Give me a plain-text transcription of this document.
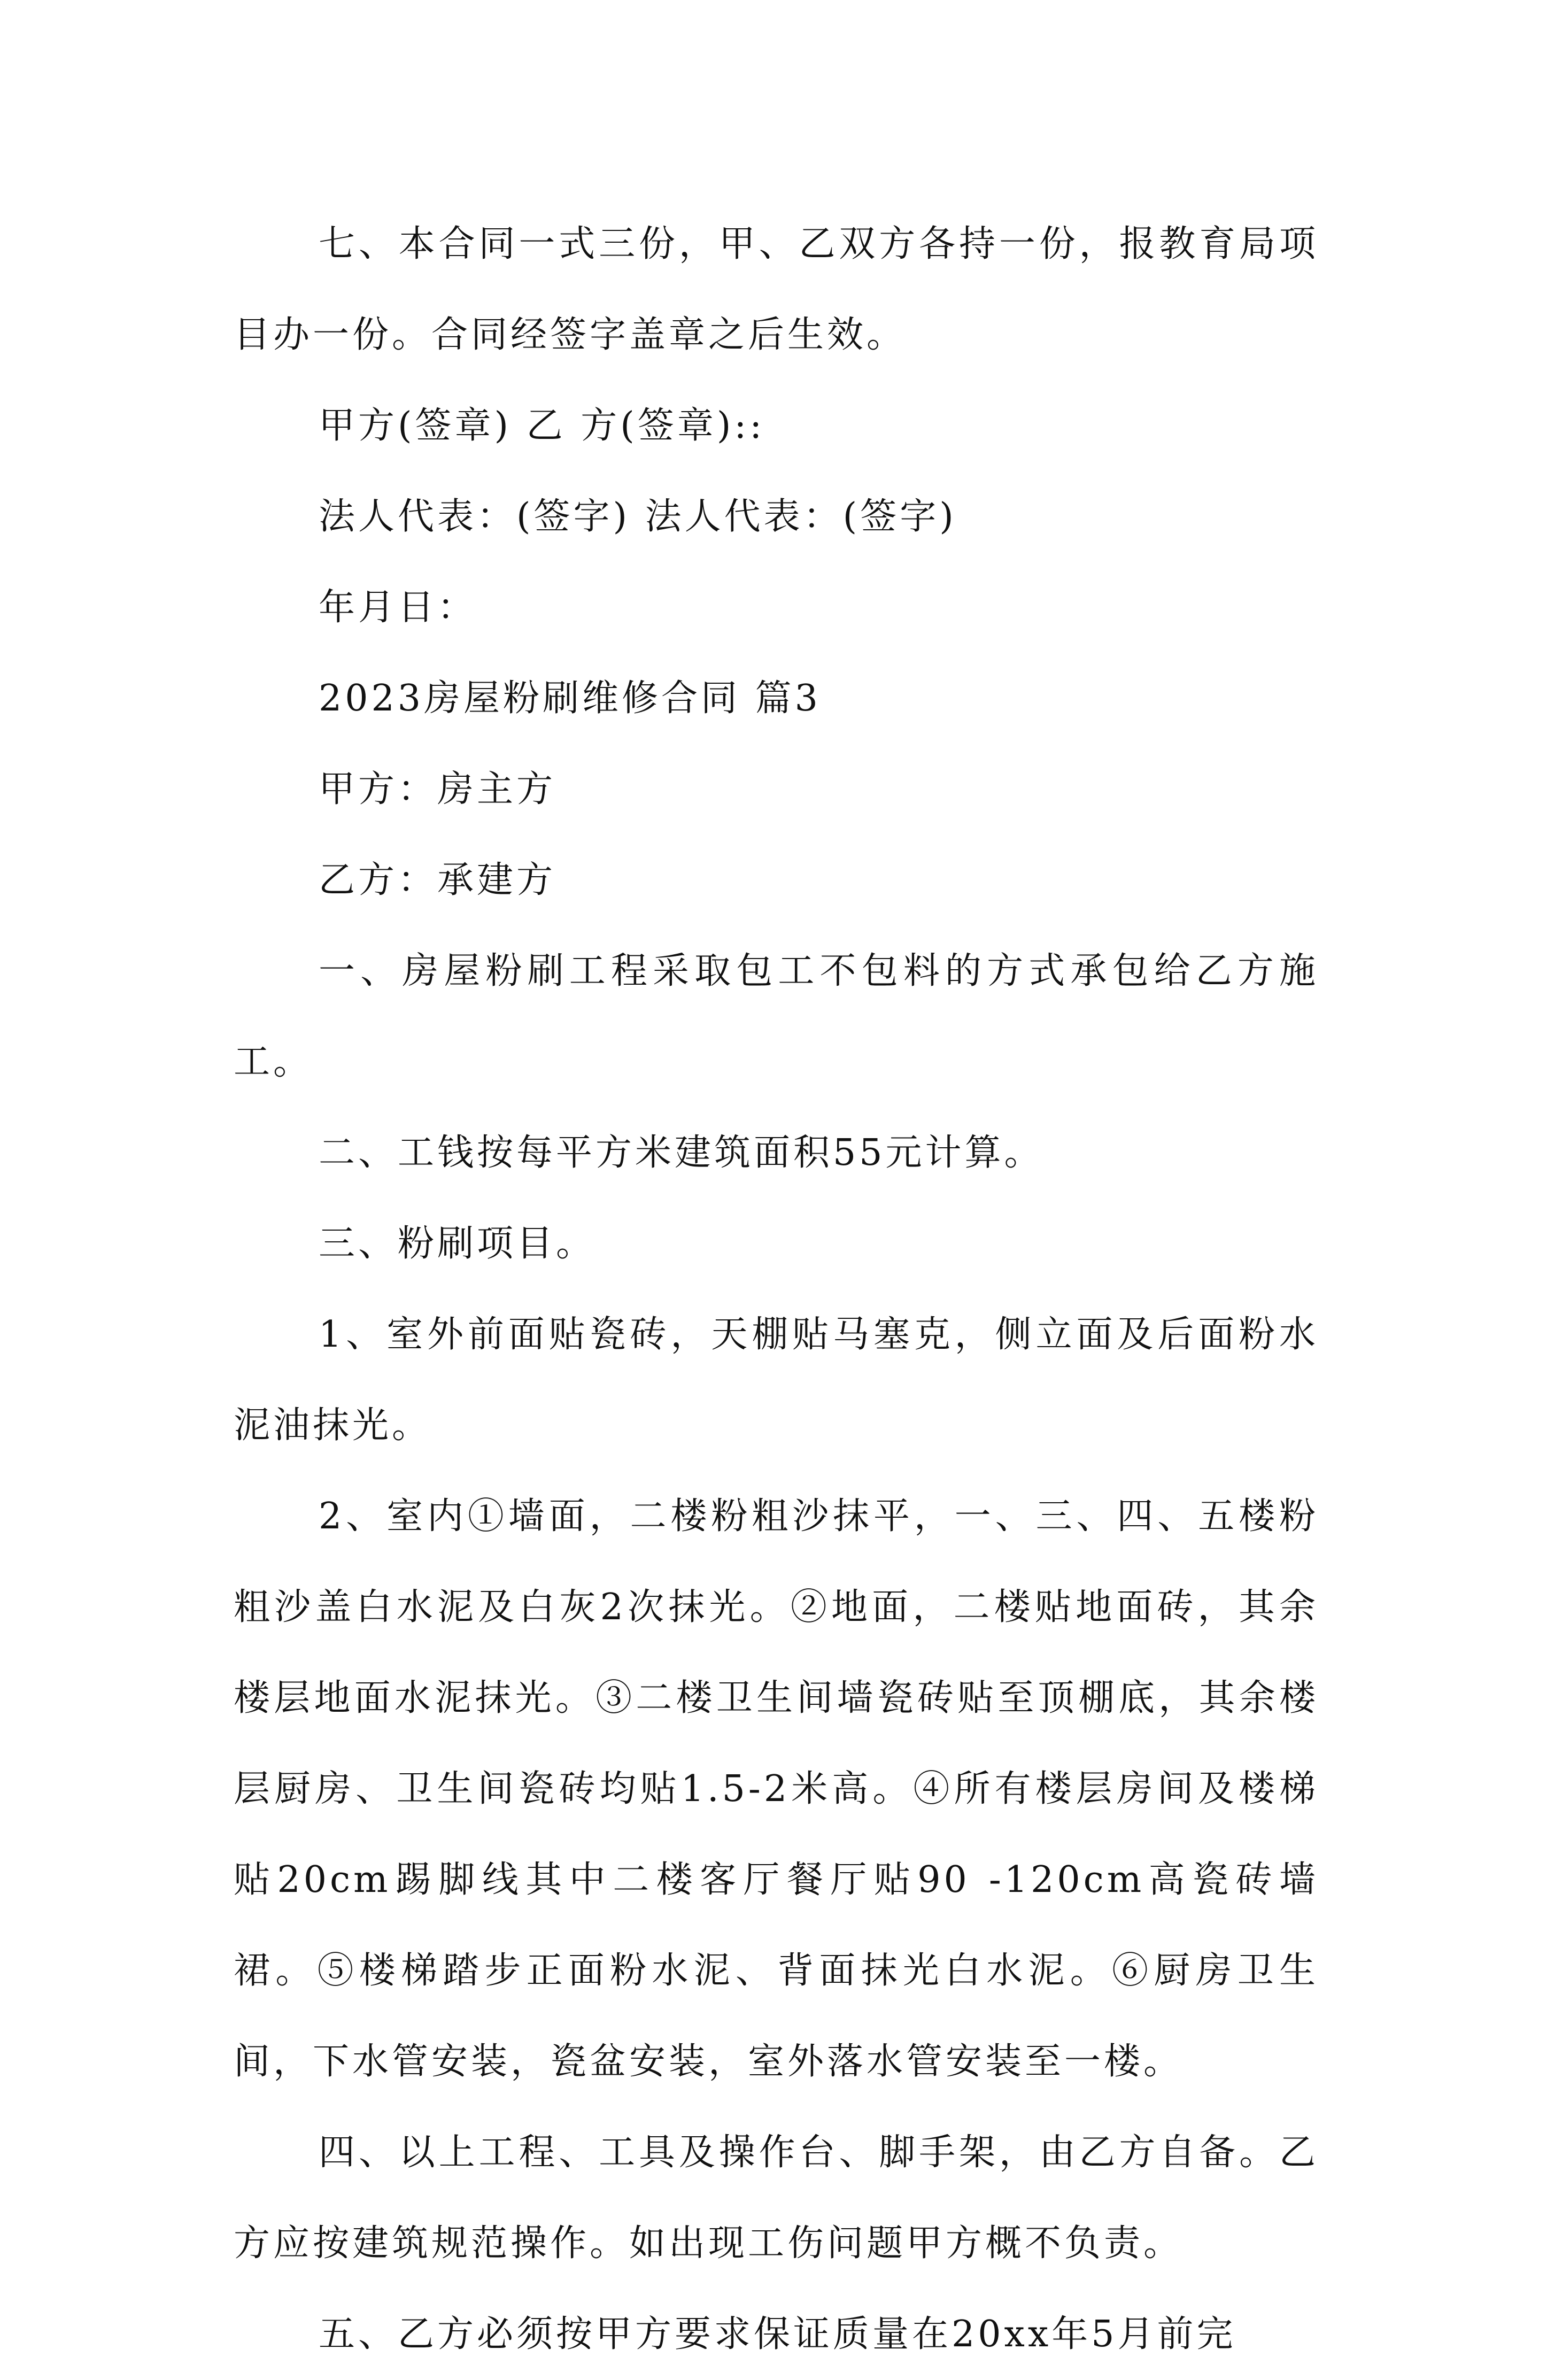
七、本合同一式三份，甲、乙双方各持一份，报教育局项目办一份。合同经签字盖章之后生效。

甲方(签章) 乙 方(签章)::

法人代表：(签字) 法人代表：(签字)

年月日：

2023房屋粉刷维修合同 篇3

甲方：房主方

乙方：承建方

一、房屋粉刷工程采取包工不包料的方式承包给乙方施工。

二、工钱按每平方米建筑面积55元计算。

三、粉刷项目。

1、室外前面贴瓷砖，天棚贴马塞克，侧立面及后面粉水泥油抹光。

2、室内①墙面，二楼粉粗沙抹平，一、三、四、五楼粉粗沙盖白水泥及白灰2次抹光。②地面，二楼贴地面砖，其余楼层地面水泥抹光。③二楼卫生间墙瓷砖贴至顶棚底，其余楼层厨房、卫生间瓷砖均贴1.5-2米高。④所有楼层房间及楼梯贴20cm踢脚线其中二楼客厅餐厅贴90 -120cm高瓷砖墙裙。⑤楼梯踏步正面粉水泥、背面抹光白水泥。⑥厨房卫生间，下水管安装，瓷盆安装，室外落水管安装至一楼。

四、以上工程、工具及操作台、脚手架，由乙方自备。乙方应按建筑规范操作。如出现工伤问题甲方概不负责。

五、乙方必须按甲方要求保证质量在20xx年5月前完
